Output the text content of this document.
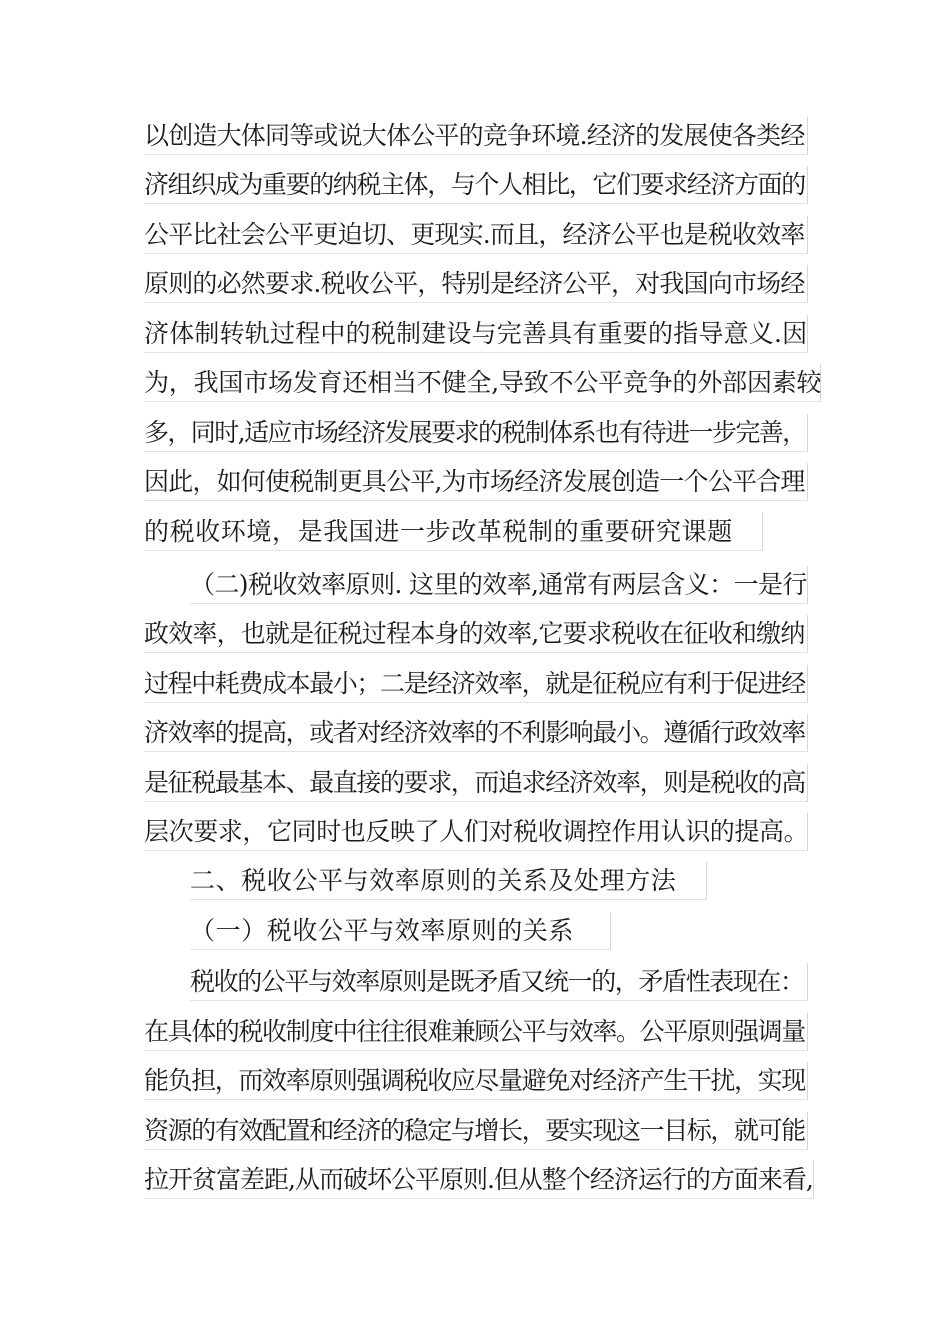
以创造大体同等或说大体公平的竞争环境.经济的发展使各类经
济组织成为重要的纳税主体，与个人相比，它们要求经济方面的
公平比社会公平更迫切、更现实.而且，经济公平也是税收效率
原则的必然要求.税收公平，特别是经济公平，对我国向市场经
济体制转轨过程中的税制建设与完善具有重要的指导意义.因
为，我国市场发育还相当不健全,导致不公平竞争的外部因素较
多，同时,适应市场经济发展要求的税制体系也有待进一步完善，
因此，如何使税制更具公平,为市场经济发展创造一个公平合理
的税收环境，是我国进一步改革税制的重要研究课题
（二)税收效率原则. 这里的效率,通常有两层含义：一是行
政效率，也就是征税过程本身的效率,它要求税收在征收和缴纳
过程中耗费成本最小；二是经济效率，就是征税应有利于促进经
济效率的提高，或者对经济效率的不利影响最小。遵循行政效率
是征税最基本、最直接的要求，而追求经济效率，则是税收的高
层次要求，它同时也反映了人们对税收调控作用认识的提高。
二、税收公平与效率原则的关系及处理方法
（一）税收公平与效率原则的关系
税收的公平与效率原则是既矛盾又统一的，矛盾性表现在：
在具体的税收制度中往往很难兼顾公平与效率。公平原则强调量
能负担，而效率原则强调税收应尽量避免对经济产生干扰，实现
资源的有效配置和经济的稳定与增长，要实现这一目标，就可能
拉开贫富差距,从而破坏公平原则.但从整个经济运行的方面来看,
